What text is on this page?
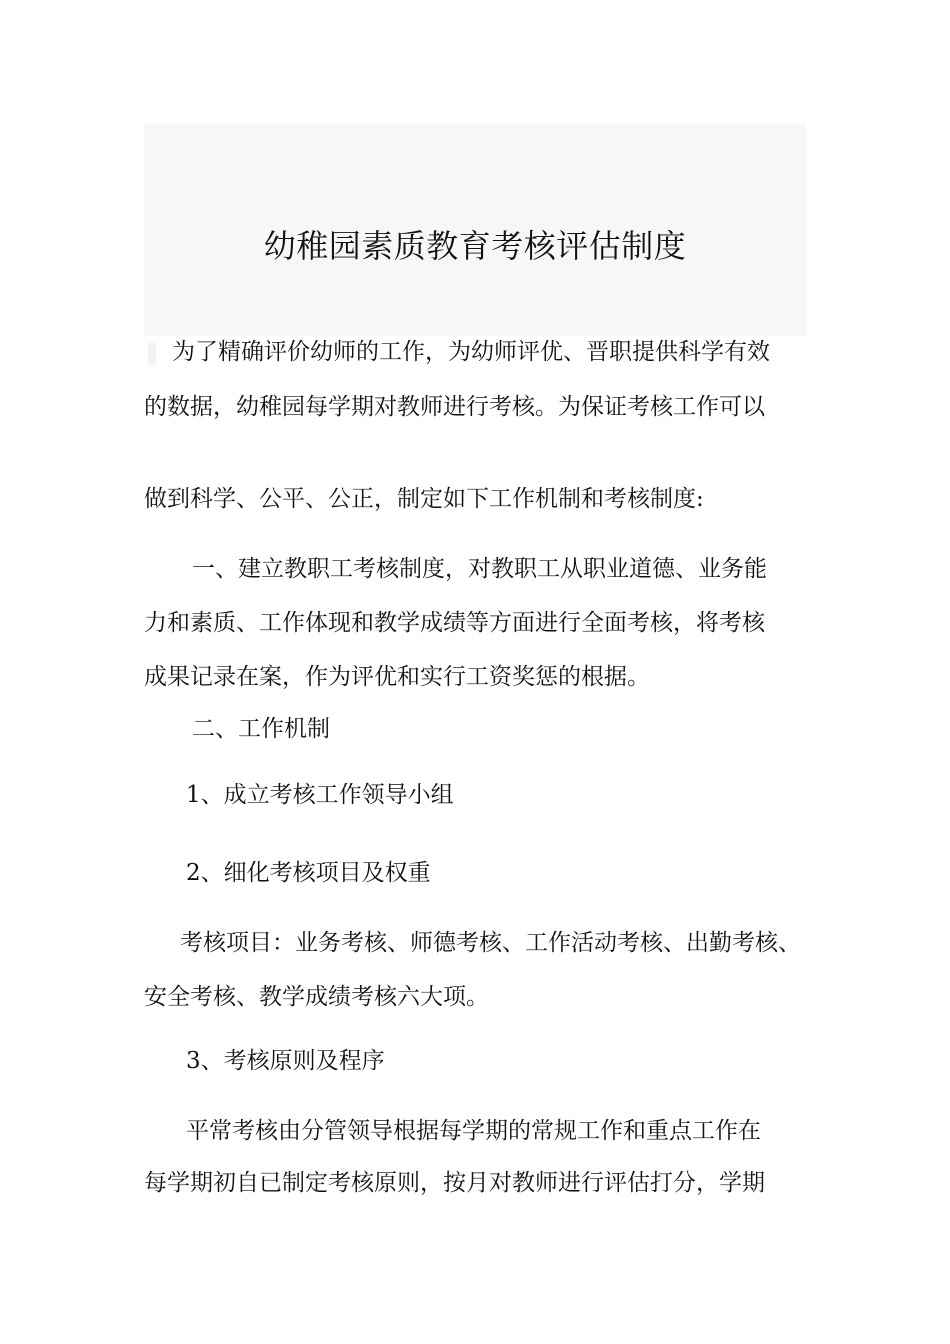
幼稚园素质教育考核评估制度

为了精确评价幼师的工作，为幼师评优、晋职提供科学有效

的数据，幼稚园每学期对教师进行考核。为保证考核工作可以

做到科学、公平、公正，制定如下工作机制和考核制度:

一、建立教职工考核制度，对教职工从职业道德、业务能

力和素质、工作体现和教学成绩等方面进行全面考核，将考核

成果记录在案，作为评优和实行工资奖惩的根据。

二、工作机制

1、成立考核工作领导小组

2、细化考核项目及权重

考核项目：业务考核、师德考核、工作活动考核、出勤考核、

安全考核、教学成绩考核六大项。

3、考核原则及程序

平常考核由分管领导根据每学期的常规工作和重点工作在

每学期初自已制定考核原则，按月对教师进行评估打分，学期
